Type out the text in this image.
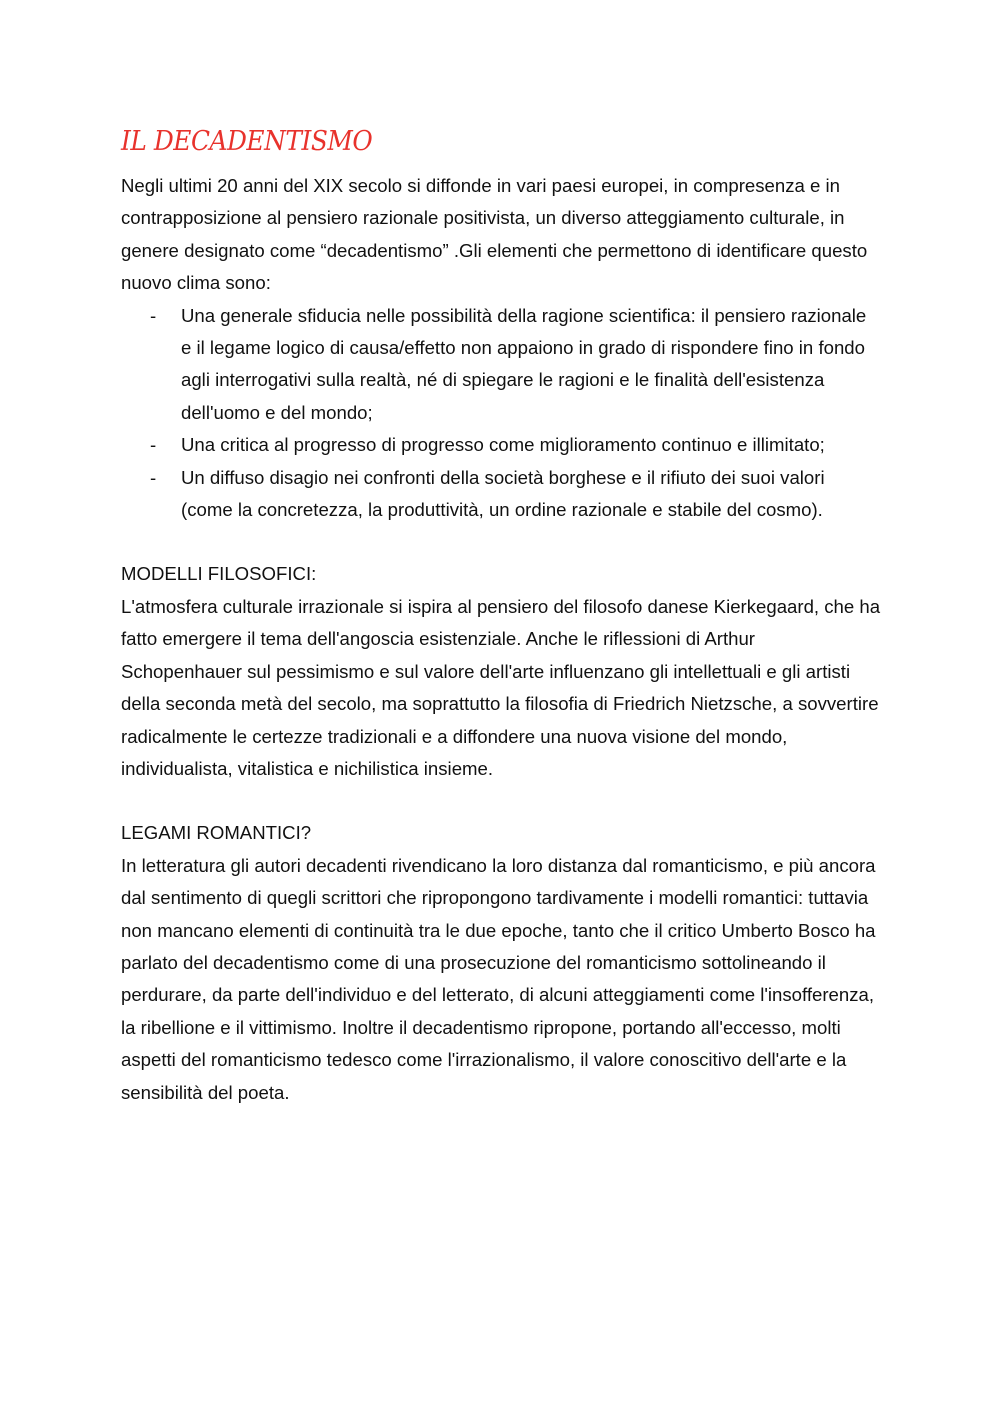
IL DECADENTISMO

Negli ultimi 20 anni del XIX secolo si diffonde in vari paesi europei, in compresenza e in contrapposizione al pensiero razionale positivista, un diverso atteggiamento culturale, in genere designato come “decadentismo” .Gli elementi che permettono di identificare questo nuovo clima sono:

- Una generale sfiducia nelle possibilità della ragione scientifica: il pensiero razionale e il legame logico di causa/effetto non appaiono in grado di rispondere fino in fondo agli interrogativi sulla realtà, né di spiegare le ragioni e le finalità dell'esistenza dell'uomo e del mondo;
- Una critica al progresso di progresso come miglioramento continuo e illimitato;
- Un diffuso disagio nei confronti della società borghese e il rifiuto dei suoi valori (come la concretezza, la produttività, un ordine razionale e stabile del cosmo).

MODELLI FILOSOFICI:

L'atmosfera culturale irrazionale si ispira al pensiero del filosofo danese Kierkegaard, che ha fatto emergere il tema dell'angoscia esistenziale. Anche le riflessioni di Arthur Schopenhauer sul pessimismo e sul valore dell'arte influenzano gli intellettuali e gli artisti della seconda metà del secolo, ma soprattutto la filosofia di Friedrich Nietzsche, a sovvertire radicalmente le certezze tradizionali e a diffondere una nuova visione del mondo, individualista, vitalistica e nichilistica insieme.

LEGAMI ROMANTICI?

In letteratura gli autori decadenti rivendicano la loro distanza dal romanticismo, e più ancora dal sentimento di quegli scrittori che ripropongono tardivamente i modelli romantici: tuttavia non mancano elementi di continuità tra le due epoche, tanto che il critico Umberto Bosco ha parlato del decadentismo come di una prosecuzione del romanticismo sottolineando il perdurare, da parte dell'individuo e del letterato, di alcuni atteggiamenti come l'insofferenza, la ribellione e il vittimismo. Inoltre il decadentismo ripropone, portando all'eccesso, molti aspetti del romanticismo tedesco come l'irrazionalismo, il valore conoscitivo dell'arte e la sensibilità del poeta.
